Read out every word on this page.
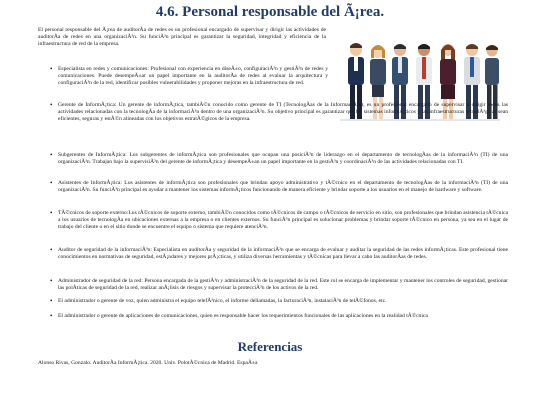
4.6. Personal responsable del Ã¡rea.

El personal responsable del Ã¡rea de auditorÃa de redes es un profesional encargado de supervisar y dirigir las actividades de auditorÃa de redes en una organizaciÃ³n. Su funciÃ³n principal es garantizar la seguridad, integridad y eficiencia de la infraestructura de red de la empresa.

• Especialista en redes y comunicaciones: Profesional con experiencia en diseÃ±o, configuraciÃ³n y gestiÃ³n de redes y comunicaciones. Puede desempeÃ±ar un papel importante en la auditorÃa de redes al evaluar la arquitectura y configuraciÃ³n de la red, identificar posibles vulnerabilidades y proponer mejoras en la infraestructura de red.
• Gerente de InformÃ¡tica: Un gerente de informÃ¡tica, tambiÃ©n conocido como gerente de TI (TecnologÃas de la InformaciÃ³n), es un profesional encargado de supervisar y dirigir todas las actividades relacionadas con la tecnologÃa de la informaciÃ³n dentro de una organizaciÃ³n. Su objetivo principal es garantizar que los sistemas informÃ¡ticos y las infraestructuras tecnolÃ³gicas sean eficientes, seguras y estÃ©n alineadas con los objetivos estratÃ©gicos de la empresa.
• Subgerentes de InformÃ¡tica: Los subgerentes de informÃ¡tica son profesionales que ocupan una posiciÃ³n de liderazgo en el departamento de tecnologÃas de la informaciÃ³n (TI) de una organizaciÃ³n. Trabajan bajo la supervisiÃ³n del gerente de informÃ¡tica y desempeÃ±an un papel importante en la gestiÃ³n y coordinaciÃ³n de las actividades relacionadas con TI.
• Asistentes de InformÃ¡tica: Los asistentes de informÃ¡tica son profesionales que brindan apoyo administrativo y tÃ©cnico en el departamento de tecnologÃas de la informaciÃ³n (TI) de una organizaciÃ³n. Su funciÃ³n principal es ayudar a mantener los sistemas informÃ¡ticos funcionando de manera eficiente y brindar soporte a los usuarios en el manejo de hardware y software.
• TÃ©cnicos de soporte externo:Los tÃ©cnicos de soporte externo, tambiÃ©n conocidos como tÃ©cnicos de campo o tÃ©cnicos de servicio en sitio, son profesionales que brindan asistencia tÃ©cnica a los usuarios de tecnologÃa en ubicaciones externas a la empresa o en clientes externos. Su funciÃ³n principal es solucionar problemas y brindar soporte tÃ©cnico en persona, ya sea en el lugar de trabajo del cliente o en el sitio donde se encuentre el equipo o sistema que requiere atenciÃ³n.
• Auditor de seguridad de la informaciÃ³n: Especialista en auditorÃa y seguridad de la informaciÃ³n que se encarga de evaluar y auditar la seguridad de las redes informÃ¡ticas. Este profesional tiene conocimientos en normativas de seguridad, estÃ¡ndares y mejores prÃ¡cticas, y utiliza diversas herramientas y tÃ©cnicas para llevar a cabo las auditorÃas de redes.
• Administrador de seguridad de la red: Persona encargada de la gestiÃ³n y administraciÃ³n de la seguridad de la red. Este rol se encarga de implementar y mantener los controles de seguridad, gestionar las polÃticas de seguridad de la red, realizar anÃ¡lisis de riesgos y supervisar la protecciÃ³n de los activos de la red.
• El administrador o gerente de voz, quien administra el equipo telefÃ³nico, el informe dellamadas, la facturaciÃ³n, instalaciÃ³n de telÃ©fonos, etc.
• El administrador o gerente de aplicaciones de comunicaciones, quien es responsable hacer los requerimientos funcionales de las aplicaciones en la realidad tÃ©cnica
Referencias

Alonso Rivas, Gonzalo. AuditorÃa InformÃ¡tica. 2020. Univ. PolotÃ©cnica de Madrid. EspaÃ±a
